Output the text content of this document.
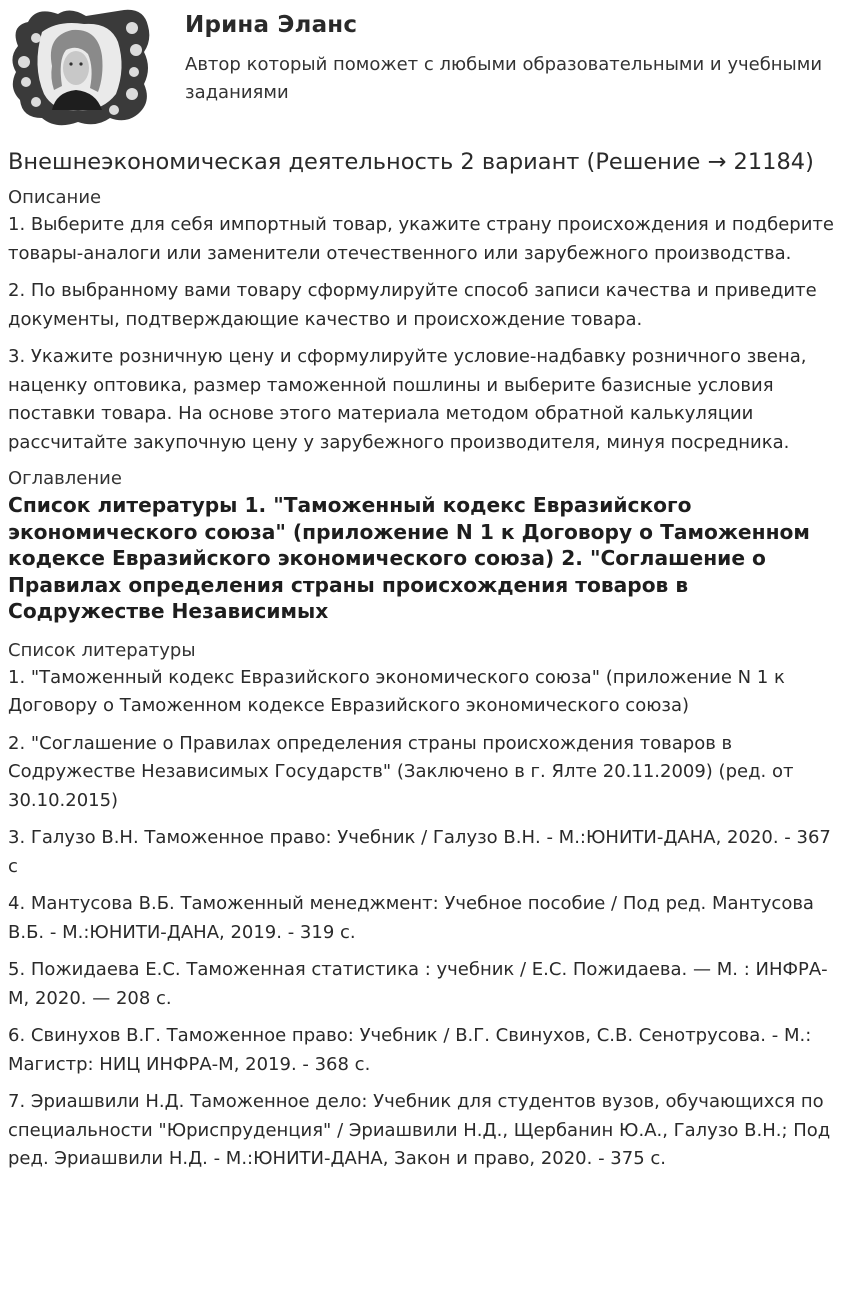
Ирина Эланс
Автор который поможет с любыми образовательными и учебными заданиями
Внешнеэкономическая деятельность 2 вариант (Решение → 21184)
Описание

1. Выберите для себя импортный товар, укажите страну происхождения и подберите товары-аналоги или заменители отечественного или зарубежного производства.

2. По выбранному вами товару сформулируйте способ записи качества и приведите документы, подтверждающие качество и происхождение товара.

3. Укажите розничную цену и сформулируйте условие-надбавку розничного звена, наценку оптовика, размер таможенной пошлины и выберите базисные условия поставки товара. На основе этого материала методом обратной калькуляции рассчитайте закупочную цену у зарубежного производителя, минуя посредника.

Оглавление

Список литературы 1. "Таможенный кодекс Евразийского экономического союза" (приложение N 1 к Договору о Таможенном кодексе Евразийского экономического союза) 2. "Соглашение о Правилах определения страны происхождения товаров в Содружестве Независимых

Список литературы

1. "Таможенный кодекс Евразийского экономического союза" (приложение N 1 к Договору о Таможенном кодексе Евразийского экономического союза)

2. "Соглашение о Правилах определения страны происхождения товаров в Содружестве Независимых Государств" (Заключено в г. Ялте 20.11.2009) (ред. от 30.10.2015)

3. Галузо В.Н. Таможенное право: Учебник / Галузо В.Н. - М.:ЮНИТИ-ДАНА, 2020. - 367 с

4. Мантусова В.Б. Таможенный менеджмент: Учебное пособие / Под ред. Мантусова В.Б. - М.:ЮНИТИ-ДАНА, 2019. - 319 с.

5. Пожидаева Е.С. Таможенная статистика : учебник / Е.С. Пожидаева. — М. : ИНФРА-М, 2020. — 208 с.

6. Свинухов В.Г. Таможенное право: Учебник / В.Г. Свинухов, С.В. Сенотрусова. - М.: Магистр: НИЦ ИНФРА-М, 2019. - 368 с.

7. Эриашвили Н.Д. Таможенное дело: Учебник для студентов вузов, обучающихся по специальности "Юриспруденция" / Эриашвили Н.Д., Щербанин Ю.А., Галузо В.Н.; Под ред. Эриашвили Н.Д. - М.:ЮНИТИ-ДАНА, Закон и право, 2020. - 375 с.
